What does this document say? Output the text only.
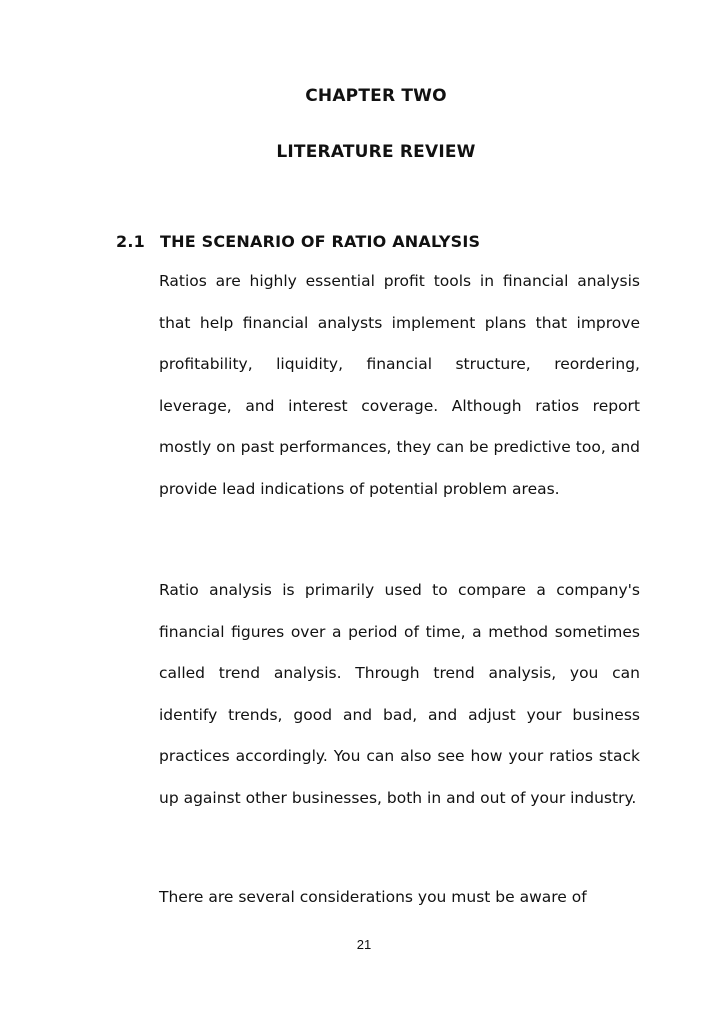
CHAPTER TWO
LITERATURE REVIEW
2.1 THE SCENARIO OF RATIO ANALYSIS
Ratios are highly essential profit tools in financial analysis that help financial analysts implement plans that improve profitability, liquidity, financial structure, reordering, leverage, and interest coverage. Although ratios report mostly on past performances, they can be predictive too, and provide lead indications of potential problem areas.
Ratio analysis is primarily used to compare a company's financial figures over a period of time, a method sometimes called trend analysis. Through trend analysis, you can identify trends, good and bad, and adjust your business practices accordingly. You can also see how your ratios stack up against other businesses, both in and out of your industry.
There are several considerations you must be aware of
21
